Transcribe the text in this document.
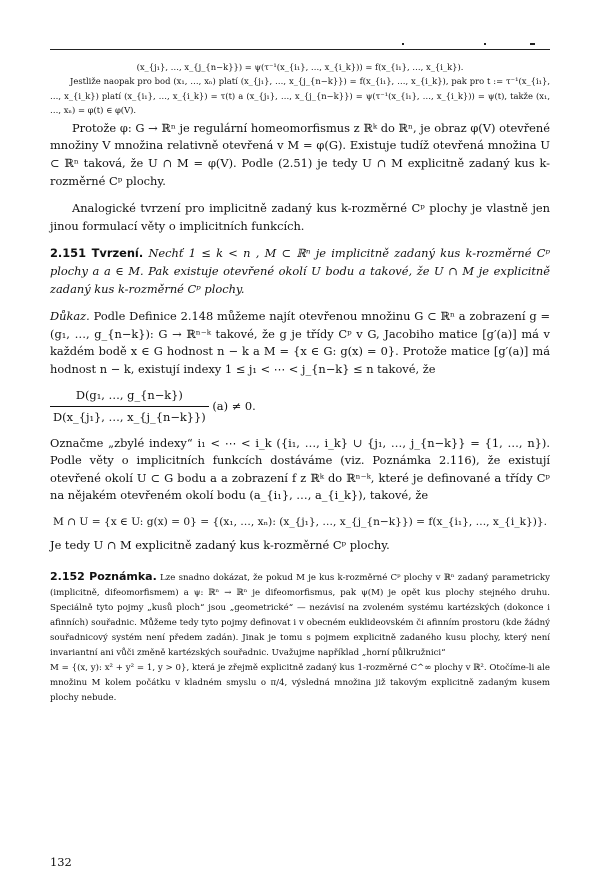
(x_{j₁}, …, x_{j_{n−k}}) = ψ(τ⁻¹(x_{i₁}, …, x_{i_k})) = f(x_{i₁}, …, x_{i_k}).

Jestliže naopak pro bod (x₁, …, xₙ) platí (x_{j₁}, …, x_{j_{n−k}}) = f(x_{i₁}, …, x_{i_k}), pak pro t := τ⁻¹(x_{i₁}, …, x_{i_k}) platí (x_{i₁}, …, x_{i_k}) = τ(t) a (x_{j₁}, …, x_{j_{n−k}}) = ψ(τ⁻¹(x_{i₁}, …, x_{i_k})) = ψ(t), takže (x₁, …, xₙ) = φ(t) ∈ φ(V).

Protože φ: G → ℝⁿ je regulární homeomorfismus z ℝᵏ do ℝⁿ, je obraz φ(V) otevřené množiny V množina relativně otevřená v M = φ(G). Existuje tudíž otevřená množina U ⊂ ℝⁿ taková, že U ∩ M = φ(V). Podle (2.51) je tedy U ∩ M explicitně zadaný kus k-rozměrné Cᵖ plochy.

Analogické tvrzení pro implicitně zadaný kus k-rozměrné Cᵖ plochy je vlastně jen jinou formulací věty o implicitních funkcích.

2.151 Tvrzení. Nechť 1 ≤ k < n , M ⊂ ℝⁿ je implicitně zadaný kus k-rozměrné Cᵖ plochy a a ∈ M. Pak existuje otevřené okolí U bodu a takové, že U ∩ M je explicitně zadaný kus k-rozměrné Cᵖ plochy.

Důkaz. Podle Definice 2.148 můžeme najít otevřenou množinu G ⊂ ℝⁿ a zobrazení g = (g₁, …, g_{n−k}): G → ℝⁿ⁻ᵏ takové, že g je třídy Cᵖ v G, Jacobiho matice [g′(a)] má v každém bodě x ∈ G hodnost n − k a M = {x ∈ G: g(x) = 0}. Protože matice [g′(a)] má hodnost n − k, existují indexy 1 ≤ j₁ < ⋯ < j_{n−k} ≤ n takové, že

$\frac{\text{D(g₁, …, g\_\{n−k\})}}{\text{D(x\_\{j₁\}, …, x\_\{j\_\{n−k\}\})}} (a) \ne 0$.

Označme „zbylé indexy“ i₁ < ⋯ < i_k ({i₁, …, i_k} ∪ {j₁, …, j_{n−k}} = {1, …, n}). Podle věty o implicitních funkcích dostáváme (viz. Poznámka 2.116), že existují otevřené okolí U ⊂ G bodu a a zobrazení f z ℝᵏ do ℝⁿ⁻ᵏ, které je definované a třídy Cᵖ na nějakém otevřeném okolí bodu (a_{i₁}, …, a_{i_k}), takové, že

M ∩ U = {x ∈ U: g(x) = 0} = {(x₁, …, xₙ): (x_{j₁}, …, x_{j_{n−k}}) = f(x_{i₁}, …, x_{i_k})}.

Je tedy U ∩ M explicitně zadaný kus k-rozměrné Cᵖ plochy.

2.152 Poznámka. Lze snadno dokázat, že pokud M je kus k-rozměrné Cᵖ plochy v ℝⁿ zadaný parametricky (implicitně, difeomorfismem) a ψ: ℝⁿ → ℝⁿ je difeomorfismus, pak ψ(M) je opět kus plochy stejného druhu. Speciálně tyto pojmy „kusů ploch“ jsou „geometrické“ — nezávisí na zvoleném systému kartézských (dokonce i afinních) souřadnic. Můžeme tedy tyto pojmy definovat i v obecném euklideovském či afinním prostoru (kde žádný souřadnicový systém není předem zadán). Jinak je tomu s pojmem explicitně zadaného kusu plochy, který není invariantní ani vůči změně kartézských souřadnic. Uvažujme například „horní půlkružnici“
M = {(x, y): x² + y² = 1, y > 0}, která je zřejmě explicitně zadaný kus 1-rozměrné C^∞ plochy v ℝ². Otočíme-li ale množinu M kolem počátku v kladném smyslu o π/4, výsledná množina již takovým explicitně zadaným kusem plochy nebude.

132
